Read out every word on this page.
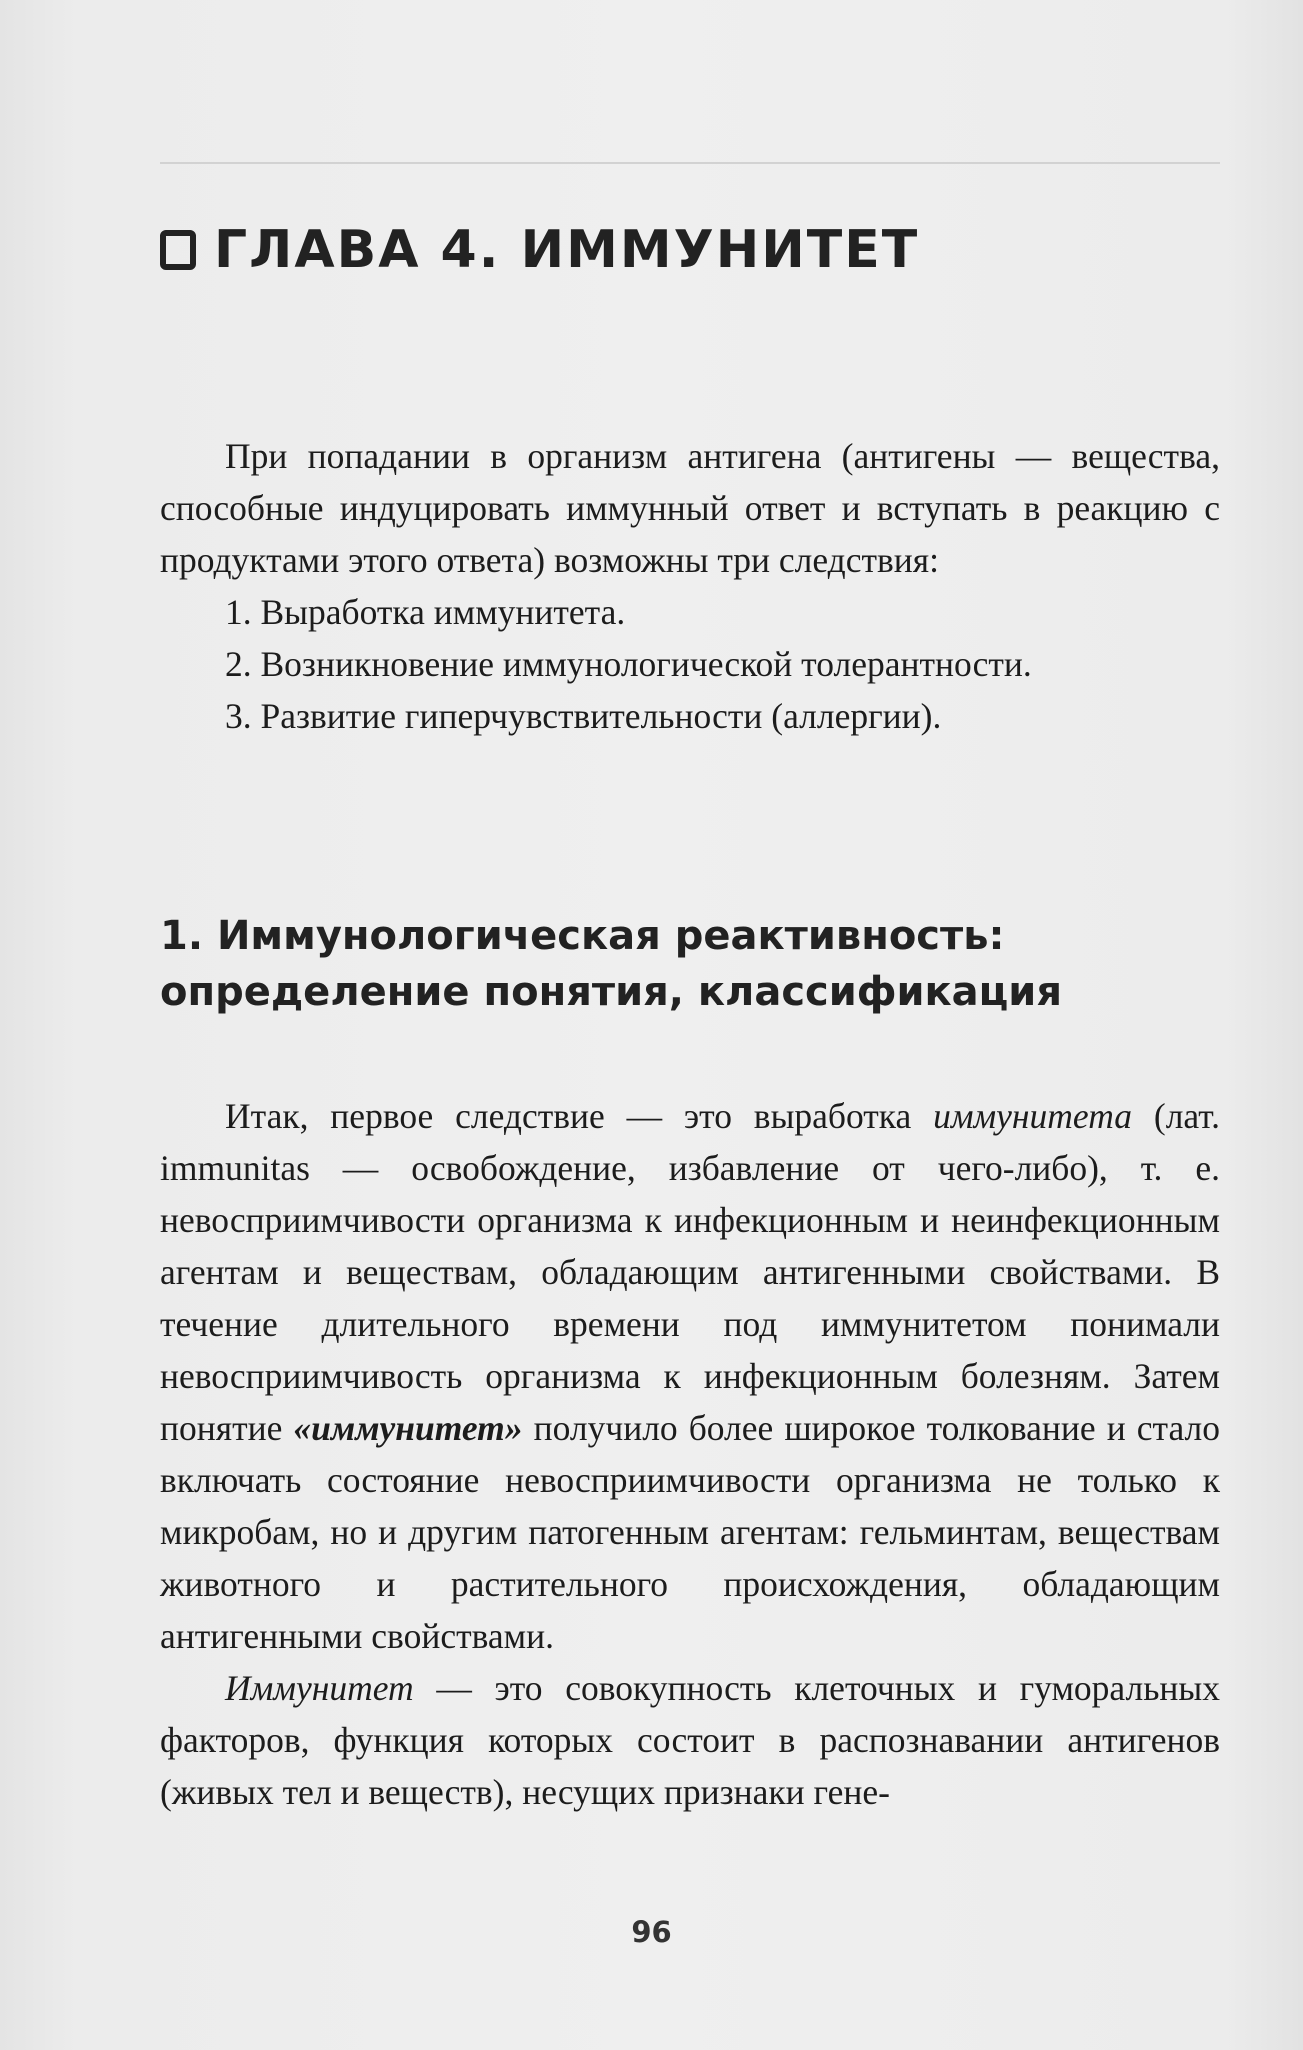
ГЛАВА 4. ИММУНИТЕТ

При попадании в организм антигена (антигены — вещества, способные индуцировать иммунный ответ и вступать в реакцию с продуктами этого ответа) возможны три следствия:

1. Выработка иммунитета.
2. Возникновение иммунологической толерантности.
3. Развитие гиперчувствительности (аллергии).
1. Иммунологическая реактивность: определение понятия, классификация

Итак, первое следствие — это выработка иммунитета (лат. immunitas — освобождение, избавление от чего-либо), т. е. невосприимчивости организма к инфекционным и неинфекционным агентам и веществам, обладающим антигенными свойствами. В течение длительного времени под иммунитетом понимали невосприимчивость организма к инфекционным болезням. Затем понятие «иммунитет» получило более широкое толкование и стало включать состояние невосприимчивости организма не только к микробам, но и другим патогенным агентам: гельминтам, веществам животного и растительного происхождения, обладающим антигенными свойствами.

Иммунитет — это совокупность клеточных и гуморальных факторов, функция которых состоит в распознавании антигенов (живых тел и веществ), несущих признаки гене-

96
